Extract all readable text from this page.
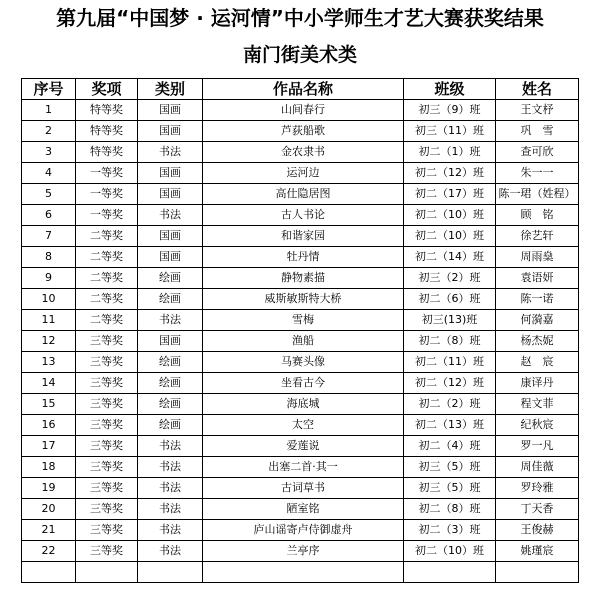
第九届“中国梦 · 运河情”中小学师生才艺大赛获奖结果
南门街美术类
序号	奖项	类别	作品名称	班级	姓名
1	特等奖	国画	山间春行	初三（9）班	王文杼
2	特等奖	国画	芦荻船歌	初三（11）班	巩　雪
3	特等奖	书法	金农隶书	初二（1）班	查可欣
4	一等奖	国画	运河边	初二（12）班	朱一一
5	一等奖	国画	高仕隐居图	初二（17）班	陈一珺（姓程）
6	一等奖	书法	古人书论	初二（10）班	顾　铭
7	二等奖	国画	和谐家园	初二（10）班	徐艺轩
8	二等奖	国画	牡丹情	初二（14）班	周雨燊
9	二等奖	绘画	静物素描	初三（2）班	袁语妍
10	二等奖	绘画	威斯敏斯特大桥	初二（6）班	陈一诺
11	二等奖	书法	雪梅	初三(13)班	何漪嘉
12	三等奖	国画	渔船	初二（8）班	杨杰妮
13	三等奖	绘画	马赛头像	初二（11）班	赵　宸
14	三等奖	绘画	坐看古今	初二（12）班	康译丹
15	三等奖	绘画	海底城	初二（2）班	程文菲
16	三等奖	绘画	太空	初二（13）班	纪秋宸
17	三等奖	书法	爱莲说	初二（4）班	罗一凡
18	三等奖	书法	出塞二首·其一	初三（5）班	周佳薇
19	三等奖	书法	古词草书	初三（5）班	罗玲雅
20	三等奖	书法	陋室铭	初二（8）班	丁天香
21	三等奖	书法	庐山谣寄卢侍御虚舟	初二（3）班	王俊赫
22	三等奖	书法	兰亭序	初二（10）班	姚瑾宸
